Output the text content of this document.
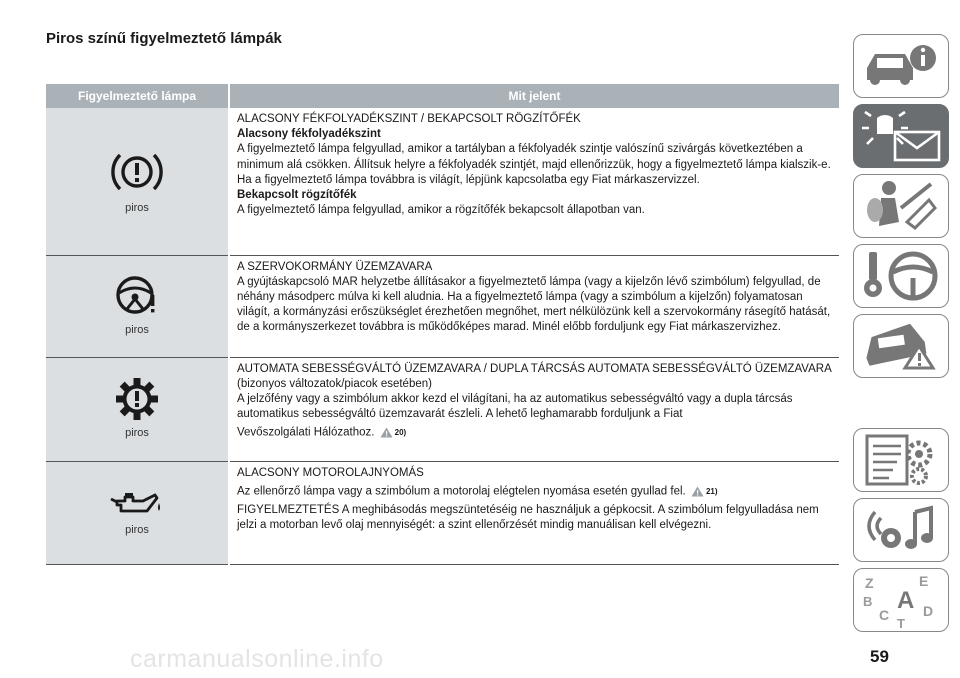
Piros színű figyelmeztető lámpák
Figyelmeztető lámpa	Mit jelent

piros	ALACSONY FÉKFOLYADÉKSZINT / BEKAPCSOLT RÖGZÍTŐFÉK
Alacsony fékfolyadékszint
A figyelmeztető lámpa felgyullad, amikor a tartályban a fékfolyadék szintje valószínű szivárgás következtében a minimum alá csökken. Állítsuk helyre a fékfolyadék szintjét, majd ellenőrizzük, hogy a figyelmeztető lámpa kialszik-e. Ha a figyelmeztető lámpa továbbra is világít, lépjünk kapcsolatba egy Fiat márkaszervizzel.
Bekapcsolt rögzítőfék
A figyelmeztető lámpa felgyullad, amikor a rögzítőfék bekapcsolt állapotban van.

piros	A SZERVOKORMÁNY ÜZEMZAVARA
A gyújtáskapcsoló MAR helyzetbe állításakor a figyelmeztető lámpa (vagy a kijelzőn lévő szimbólum) felgyullad, de néhány másodperc múlva ki kell aludnia. Ha a figyelmeztető lámpa (vagy a szimbólum a kijelzőn) folyamatosan világít, a kormányzási erőszükséglet érezhetően megnőhet, mert nélkülözünk kell a szervokormány rásegítő hatását, de a kormányszerkezet továbbra is működőképes marad. Minél előbb forduljunk egy Fiat márkaszervizhez.

piros	AUTOMATA SEBESSÉGVÁLTÓ ÜZEMZAVARA / DUPLA TÁRCSÁS AUTOMATA SEBESSÉGVÁLTÓ ÜZEMZAVARA
(bizonyos változatok/piacok esetében)
A jelzőfény vagy a szimbólum akkor kezd el világítani, ha az automatikus sebességváltó vagy a dupla tárcsás automatikus sebességváltó üzemzavarát észleli. A lehető leghamarabb forduljunk a Fiat
Vevőszolgálati Hálózathoz. 20)

piros	ALACSONY MOTOROLAJNYOMÁS
Az ellenőrző lámpa vagy a szimbólum a motorolaj elégtelen nyomása esetén gyullad fel. 21)
FIGYELMEZTETÉS A meghibásodás megszüntetéséig ne használjuk a gépkocsit. A szimbólum felgyulladása nem jelzi a motorban levő olaj mennyiségét: a szint ellenőrzését mindig manuálisan kell elvégezni.
Z	E
B A
C D
T
carmanualsonline.info	59
